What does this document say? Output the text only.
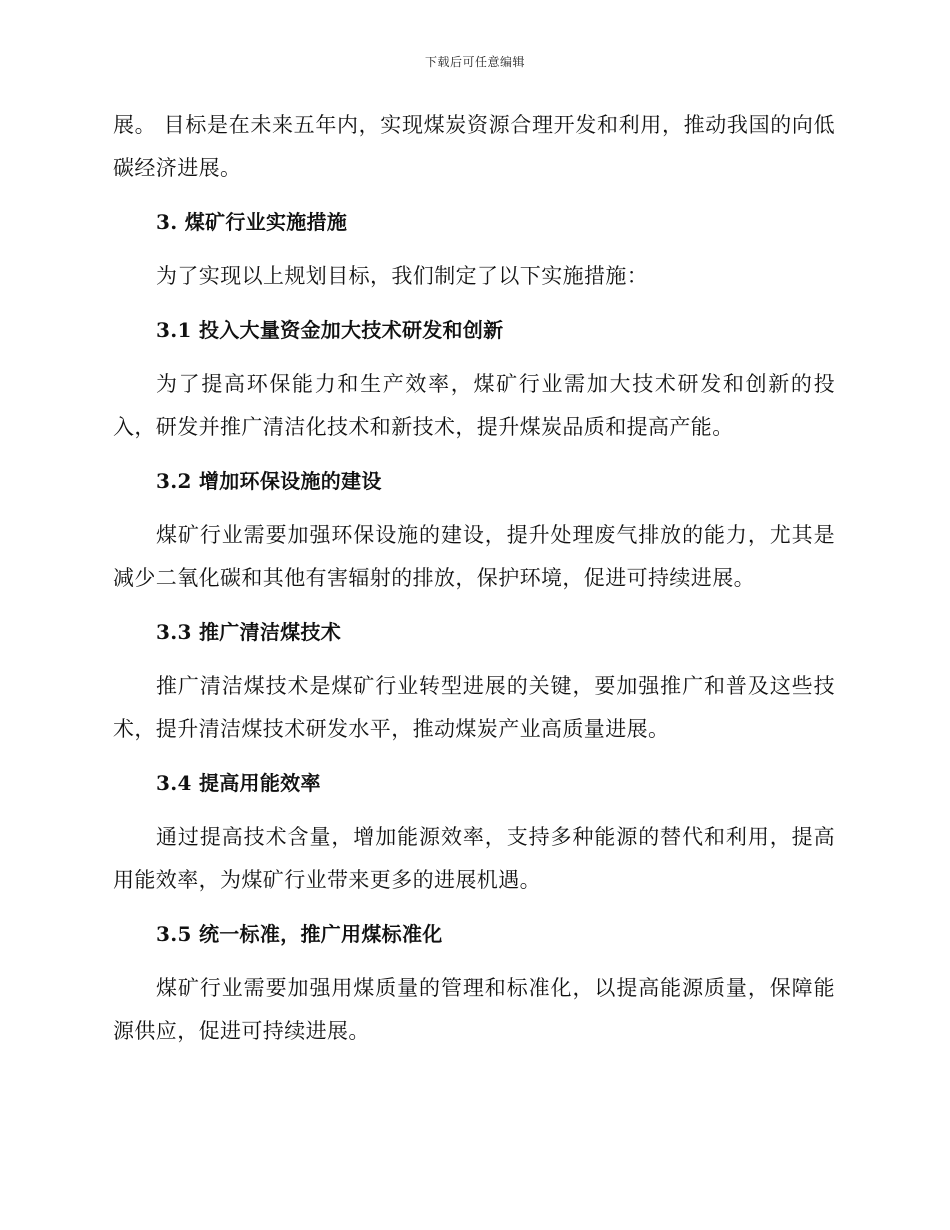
下载后可任意编辑

展。 目标是在未来五年内，实现煤炭资源合理开发和利用，推动我国的向低碳经济进展。

3. 煤矿行业实施措施

为了实现以上规划目标，我们制定了以下实施措施：

3.1 投入大量资金加大技术研发和创新

为了提高环保能力和生产效率，煤矿行业需加大技术研发和创新的投入，研发并推广清洁化技术和新技术，提升煤炭品质和提高产能。

3.2 增加环保设施的建设

煤矿行业需要加强环保设施的建设，提升处理废气排放的能力，尤其是减少二氧化碳和其他有害辐射的排放，保护环境，促进可持续进展。

3.3 推广清洁煤技术

推广清洁煤技术是煤矿行业转型进展的关键，要加强推广和普及这些技术，提升清洁煤技术研发水平，推动煤炭产业高质量进展。

3.4 提高用能效率

通过提高技术含量，增加能源效率，支持多种能源的替代和利用，提高用能效率，为煤矿行业带来更多的进展机遇。

3.5 统一标准，推广用煤标准化

煤矿行业需要加强用煤质量的管理和标准化，以提高能源质量，保障能源供应，促进可持续进展。
